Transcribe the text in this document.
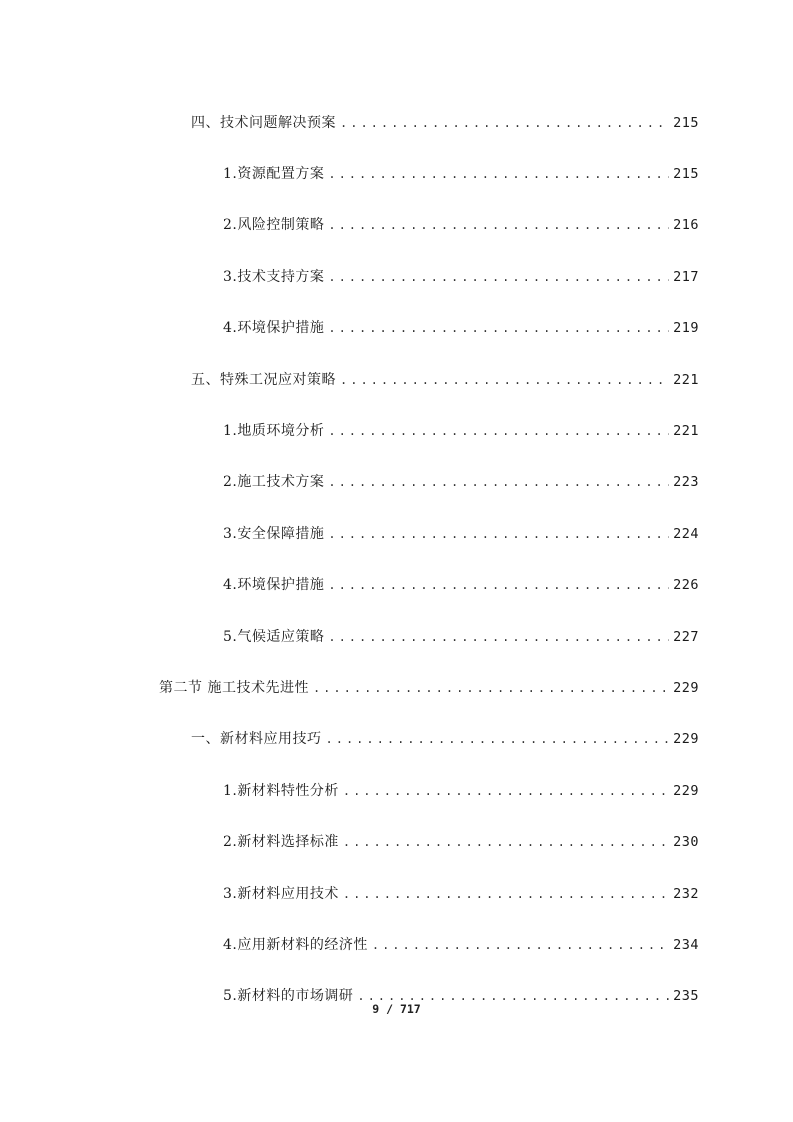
四、技术问题解决预案 .....	215
1.资源配置方案 .....	215
2.风险控制策略 .....	216
3.技术支持方案 .....	217
4.环境保护措施 .....	219
五、特殊工况应对策略 .....	221
1.地质环境分析 .....	221
2.施工技术方案 .....	223
3.安全保障措施 .....	224
4.环境保护措施 .....	226
5.气候适应策略 .....	227
第二节 施工技术先进性 .....	229
一、新材料应用技巧 .....	229
1.新材料特性分析 .....	229
2.新材料选择标准 .....	230
3.新材料应用技术 .....	232
4.应用新材料的经济性 .....	234
5.新材料的市场调研 .....	235
9 / 717
